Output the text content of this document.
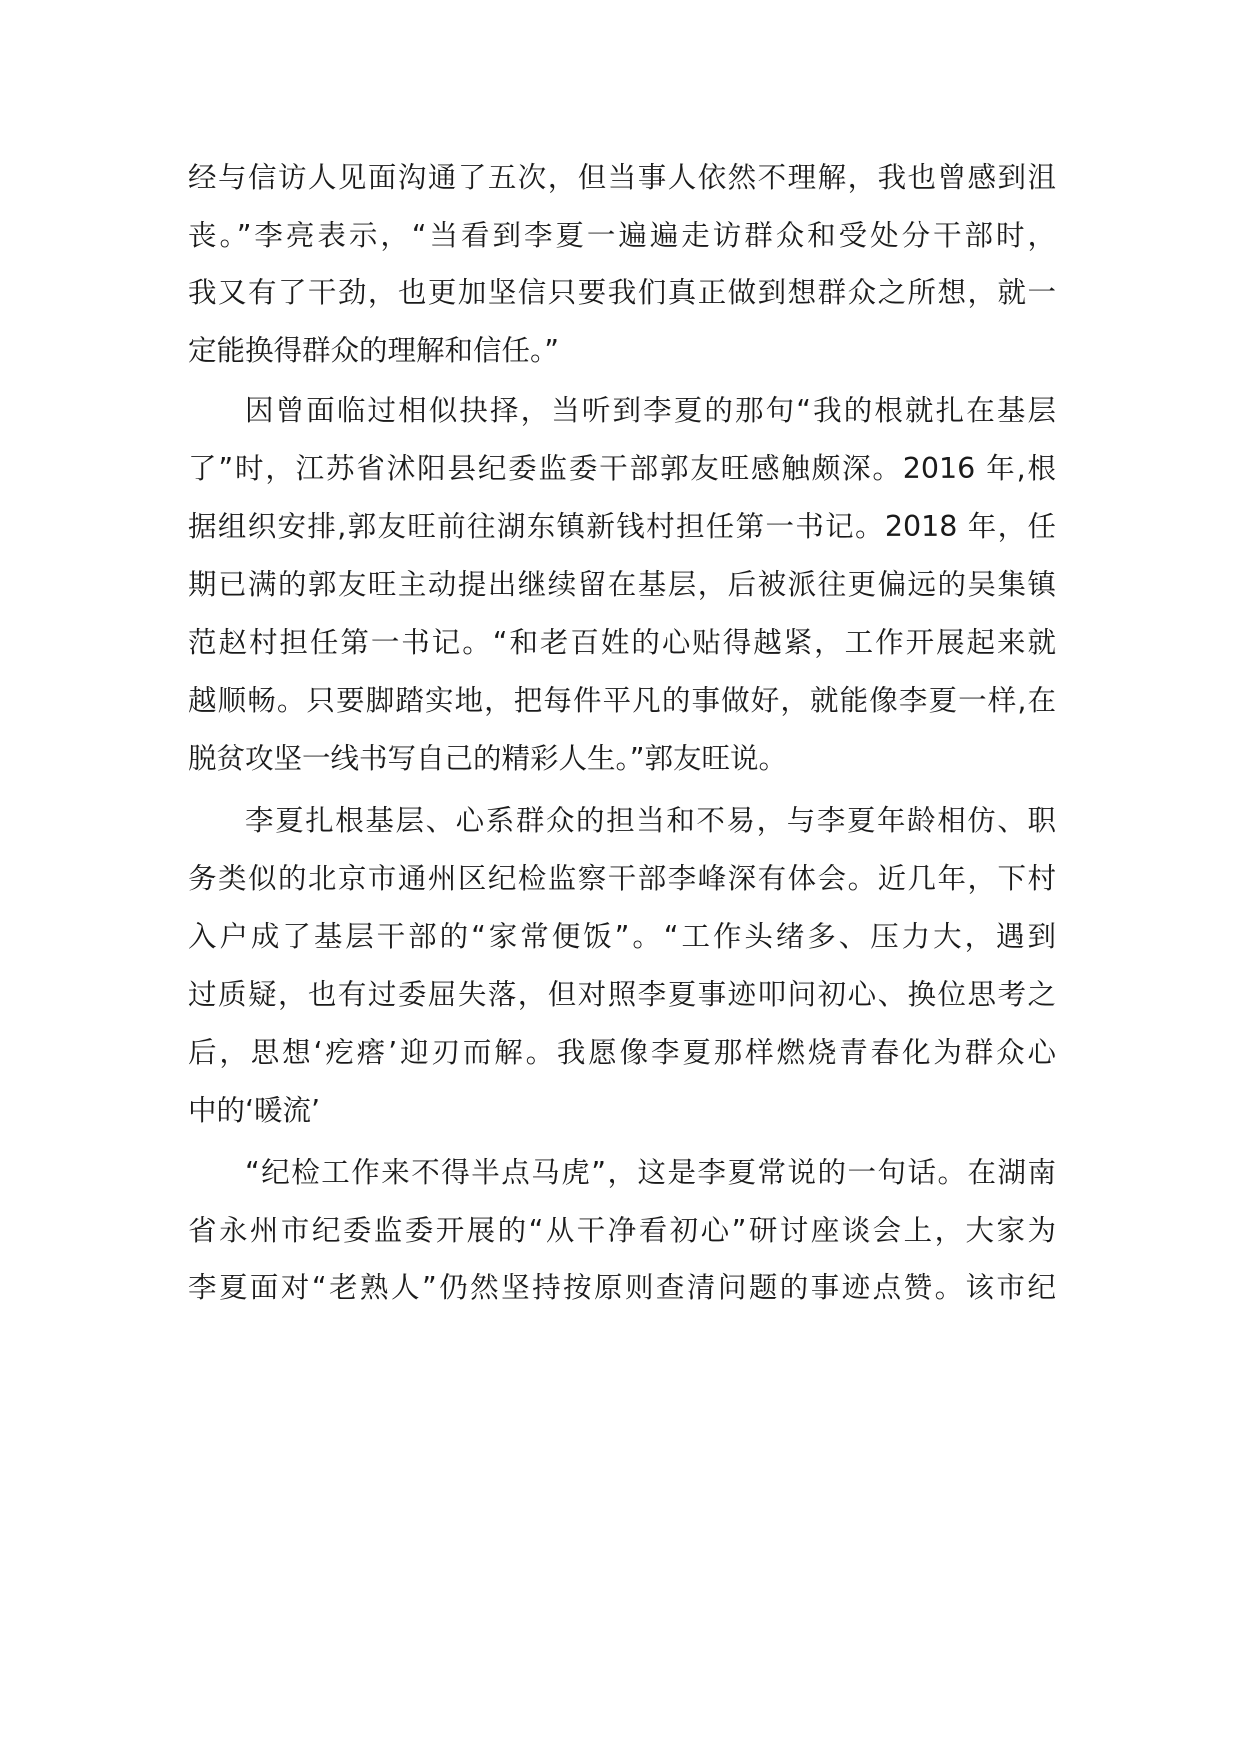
经与信访人见面沟通了五次，但当事人依然不理解，我也曾感到沮
丧。”李亮表示，“当看到李夏一遍遍走访群众和受处分干部时，
我又有了干劲，也更加坚信只要我们真正做到想群众之所想，就一
定能换得群众的理解和信任。”
因曾面临过相似抉择，当听到李夏的那句“我的根就扎在基层
了”时，江苏省沭阳县纪委监委干部郭友旺感触颇深。2016 年,根
据组织安排,郭友旺前往湖东镇新钱村担任第一书记。2018 年，任
期已满的郭友旺主动提出继续留在基层，后被派往更偏远的吴集镇
范赵村担任第一书记。“和老百姓的心贴得越紧，工作开展起来就
越顺畅。只要脚踏实地，把每件平凡的事做好，就能像李夏一样,在
脱贫攻坚一线书写自己的精彩人生。”郭友旺说。
李夏扎根基层、心系群众的担当和不易，与李夏年龄相仿、职
务类似的北京市通州区纪检监察干部李峰深有体会。近几年，下村
入户成了基层干部的“家常便饭”。“工作头绪多、压力大，遇到
过质疑，也有过委屈失落，但对照李夏事迹叩问初心、换位思考之
后，思想‘疙瘩’迎刃而解。我愿像李夏那样燃烧青春化为群众心
中的‘暖流’
“纪检工作来不得半点马虎”，这是李夏常说的一句话。在湖南
省永州市纪委监委开展的“从干净看初心”研讨座谈会上，大家为
李夏面对“老熟人”仍然坚持按原则查清问题的事迹点赞。该市纪
